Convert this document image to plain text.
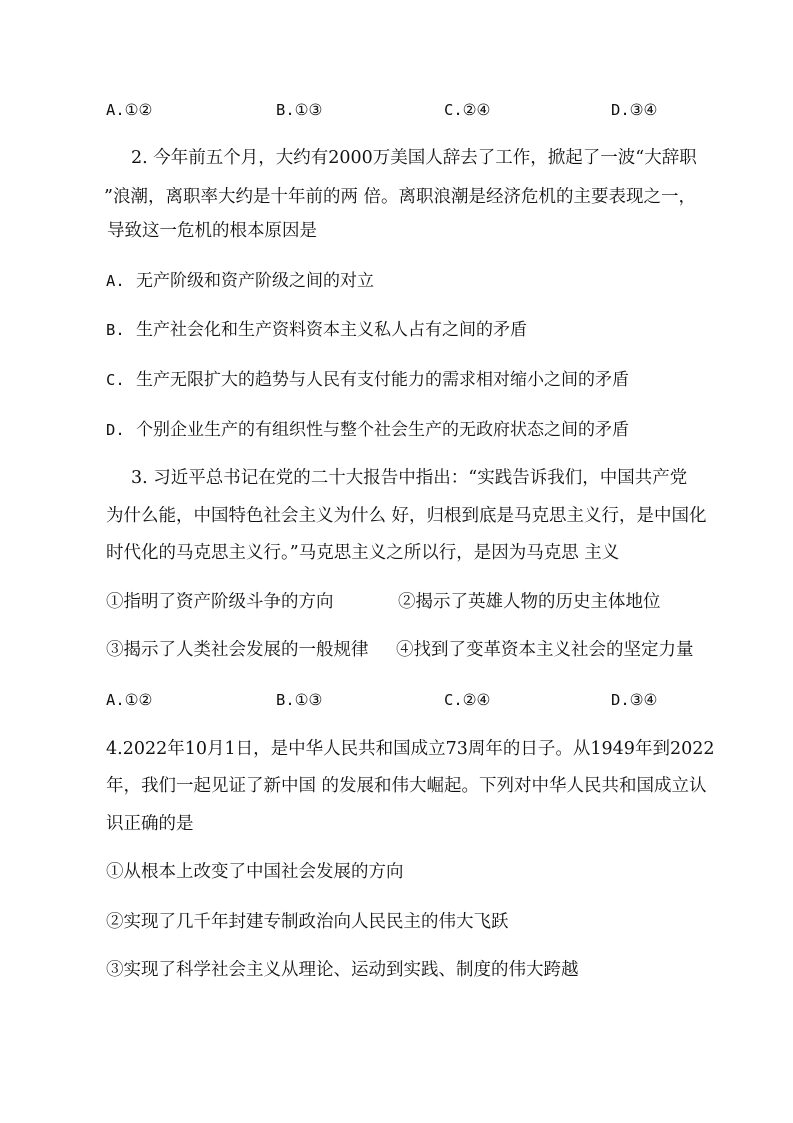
A.①②	B.①③	C.②④	D.③④
2. 今年前五个月，大约有2000万美国人辞去了工作，掀起了一波“大辞职
”浪潮，离职率大约是十年前的两 倍。离职浪潮是经济危机的主要表现之一，
导致这一危机的根本原因是
A. 无产阶级和资产阶级之间的对立
B. 生产社会化和生产资料资本主义私人占有之间的矛盾
C. 生产无限扩大的趋势与人民有支付能力的需求相对缩小之间的矛盾
D. 个别企业生产的有组织性与整个社会生产的无政府状态之间的矛盾
3. 习近平总书记在党的二十大报告中指出：“实践告诉我们，中国共产党
为什么能，中国特色社会主义为什么 好，归根到底是马克思主义行，是中国化
时代化的马克思主义行。”马克思主义之所以行，是因为马克思 主义
①指明了资产阶级斗争的方向	②揭示了英雄人物的历史主体地位
③揭示了人类社会发展的一般规律 ④找到了变革资本主义社会的坚定力量
A.①②	B.①③	C.②④	D.③④
4.2022年10月1日，是中华人民共和国成立73周年的日子。从1949年到2022
年，我们一起见证了新中国 的发展和伟大崛起。下列对中华人民共和国成立认
识正确的是
①从根本上改变了中国社会发展的方向
②实现了几千年封建专制政治向人民民主的伟大飞跃
③实现了科学社会主义从理论、运动到实践、制度的伟大跨越
